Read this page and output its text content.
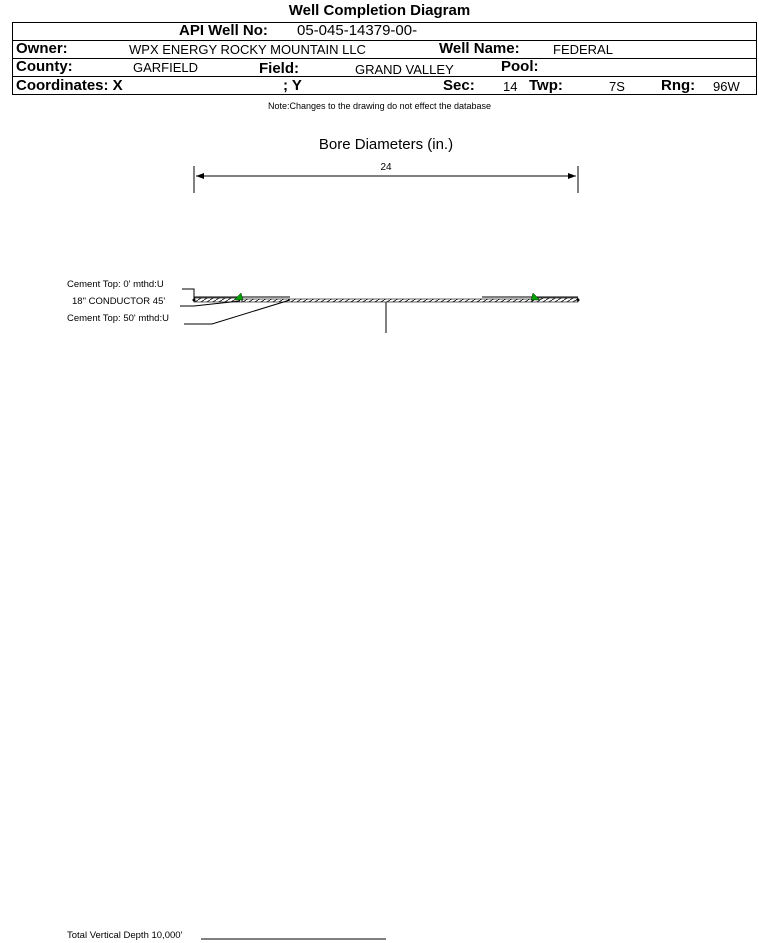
Well Completion Diagram
API Well No: 05-045-14379-00-
Owner:	WPX ENERGY ROCKY MOUNTAIN LLC	Well Name:	FEDERAL
County:	GARFIELD	Field:	GRAND VALLEY	Pool:
Coordinates: X	; Y	Sec: 14 Twp:	7S Rng: 96W
Note:Changes to the drawing do not effect the database
Bore Diameters (in.)
24
Cement Top: 0' mthd:U
18" CONDUCTOR 45'
Cement Top: 50' mthd:U
Total Vertical Depth 10,000'
